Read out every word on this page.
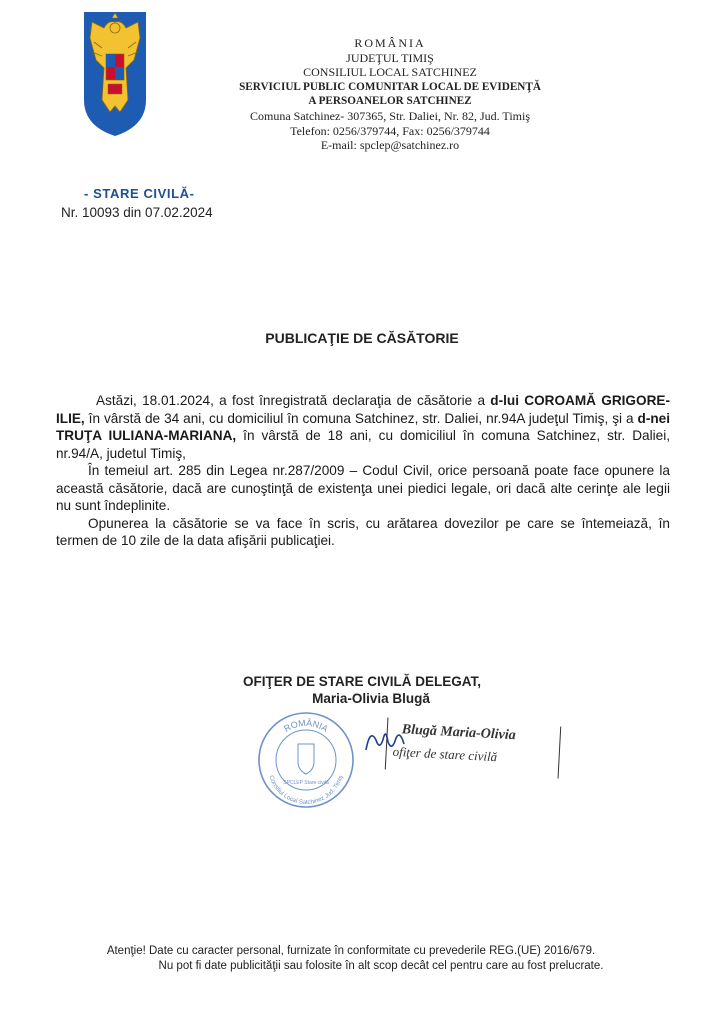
ROMÂNIA
JUDEŢUL TIMIŞ
CONSILIUL LOCAL SATCHINEZ
SERVICIUL PUBLIC COMUNITAR LOCAL DE EVIDENŢĂ
A PERSOANELOR SATCHINEZ
Comuna Satchinez- 307365, Str. Daliei, Nr. 82, Jud. Timiş
Telefon: 0256/379744, Fax: 0256/379744
E-mail: spclep@satchinez.ro
- STARE CIVILĂ-
Nr. 10093 din 07.02.2024
PUBLICAŢIE DE CĂSĂTORIE

Astăzi, 18.01.2024, a fost înregistrată declaraţia de căsătorie a d-lui COROAMĂ GRIGORE-ILIE, în vârstă de 34 ani, cu domiciliul în comuna Satchinez, str. Daliei, nr.94A judeţul Timiş, şi a d-nei TRUŢA IULIANA-MARIANA, în vârstă de 18 ani, cu domiciliul în comuna Satchinez, str. Daliei, nr.94/A, judetul Timiş,

În temeiul art. 285 din Legea nr.287/2009 – Codul Civil, orice persoană poate face opunere la această căsătorie, dacă are cunoştinţă de existenţa unei piedici legale, ori dacă alte cerinţe ale legii nu sunt îndeplinite.

Opunerea la căsătorie se va face în scris, cu arătarea dovezilor pe care se întemeiază, în termen de 10 zile de la data afişării publicaţiei.

OFIŢER DE STARE CIVILĂ DELEGAT,
Maria-Olivia Blugă
ROMÂNIA
Consiliul Local Satchinez Jud. Timiş
SPCLEP Stare civilă
Blugă Maria-Olivia
ofiţer de stare civilă
Atenţie! Date cu caracter personal, furnizate în conformitate cu prevederile REG.(UE) 2016/679.
Nu pot fi date publicităţii sau folosite în alt scop decât cel pentru care au fost prelucrate.
